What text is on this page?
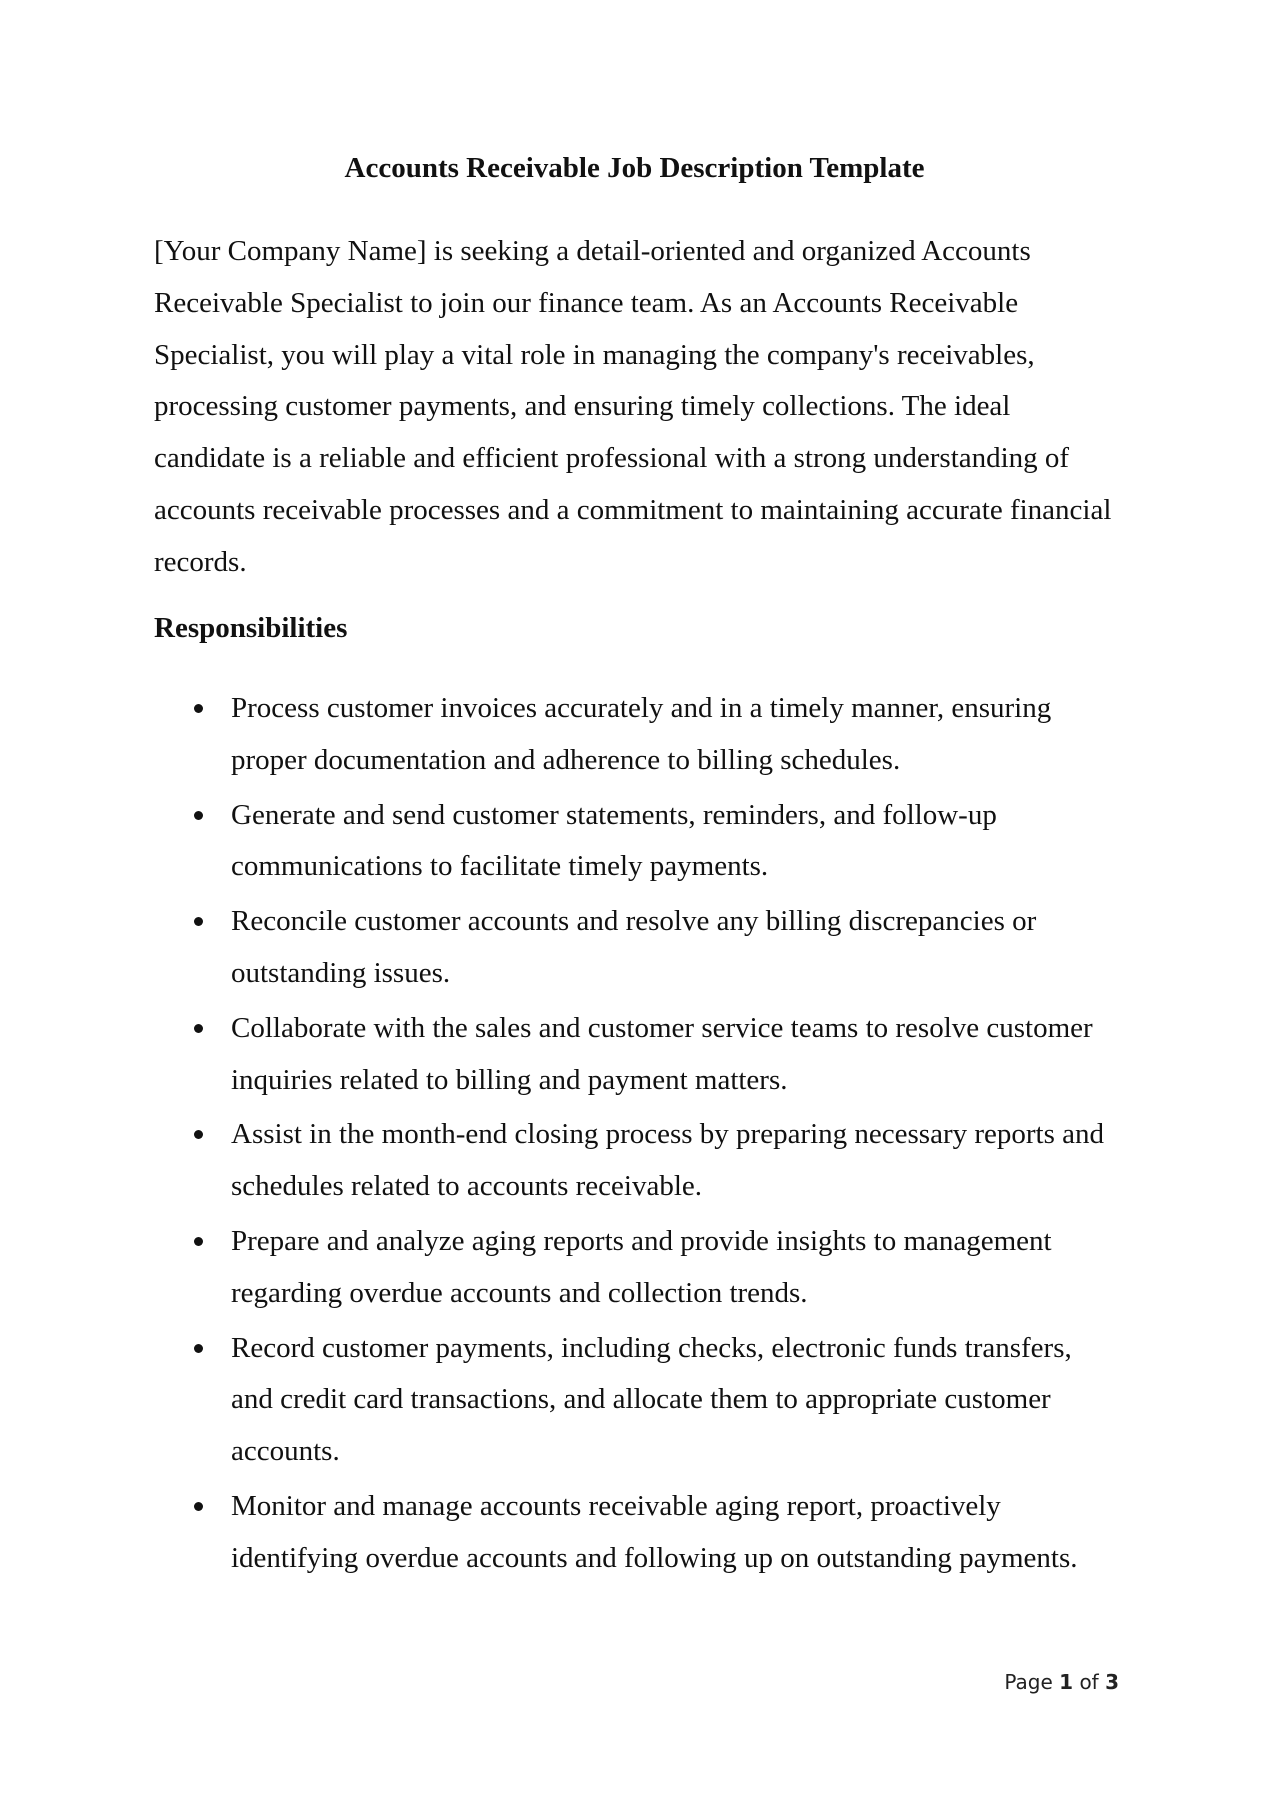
Accounts Receivable Job Description Template

[Your Company Name] is seeking a detail-oriented and organized Accounts Receivable Specialist to join our finance team. As an Accounts Receivable Specialist, you will play a vital role in managing the company's receivables, processing customer payments, and ensuring timely collections. The ideal candidate is a reliable and efficient professional with a strong understanding of accounts receivable processes and a commitment to maintaining accurate financial records.

Responsibilities
Process customer invoices accurately and in a timely manner, ensuring proper documentation and adherence to billing schedules.
Generate and send customer statements, reminders, and follow-up communications to facilitate timely payments.
Reconcile customer accounts and resolve any billing discrepancies or outstanding issues.
Collaborate with the sales and customer service teams to resolve customer inquiries related to billing and payment matters.
Assist in the month-end closing process by preparing necessary reports and schedules related to accounts receivable.
Prepare and analyze aging reports and provide insights to management regarding overdue accounts and collection trends.
Record customer payments, including checks, electronic funds transfers, and credit card transactions, and allocate them to appropriate customer accounts.
Monitor and manage accounts receivable aging report, proactively identifying overdue accounts and following up on outstanding payments.
Page 1 of 3
